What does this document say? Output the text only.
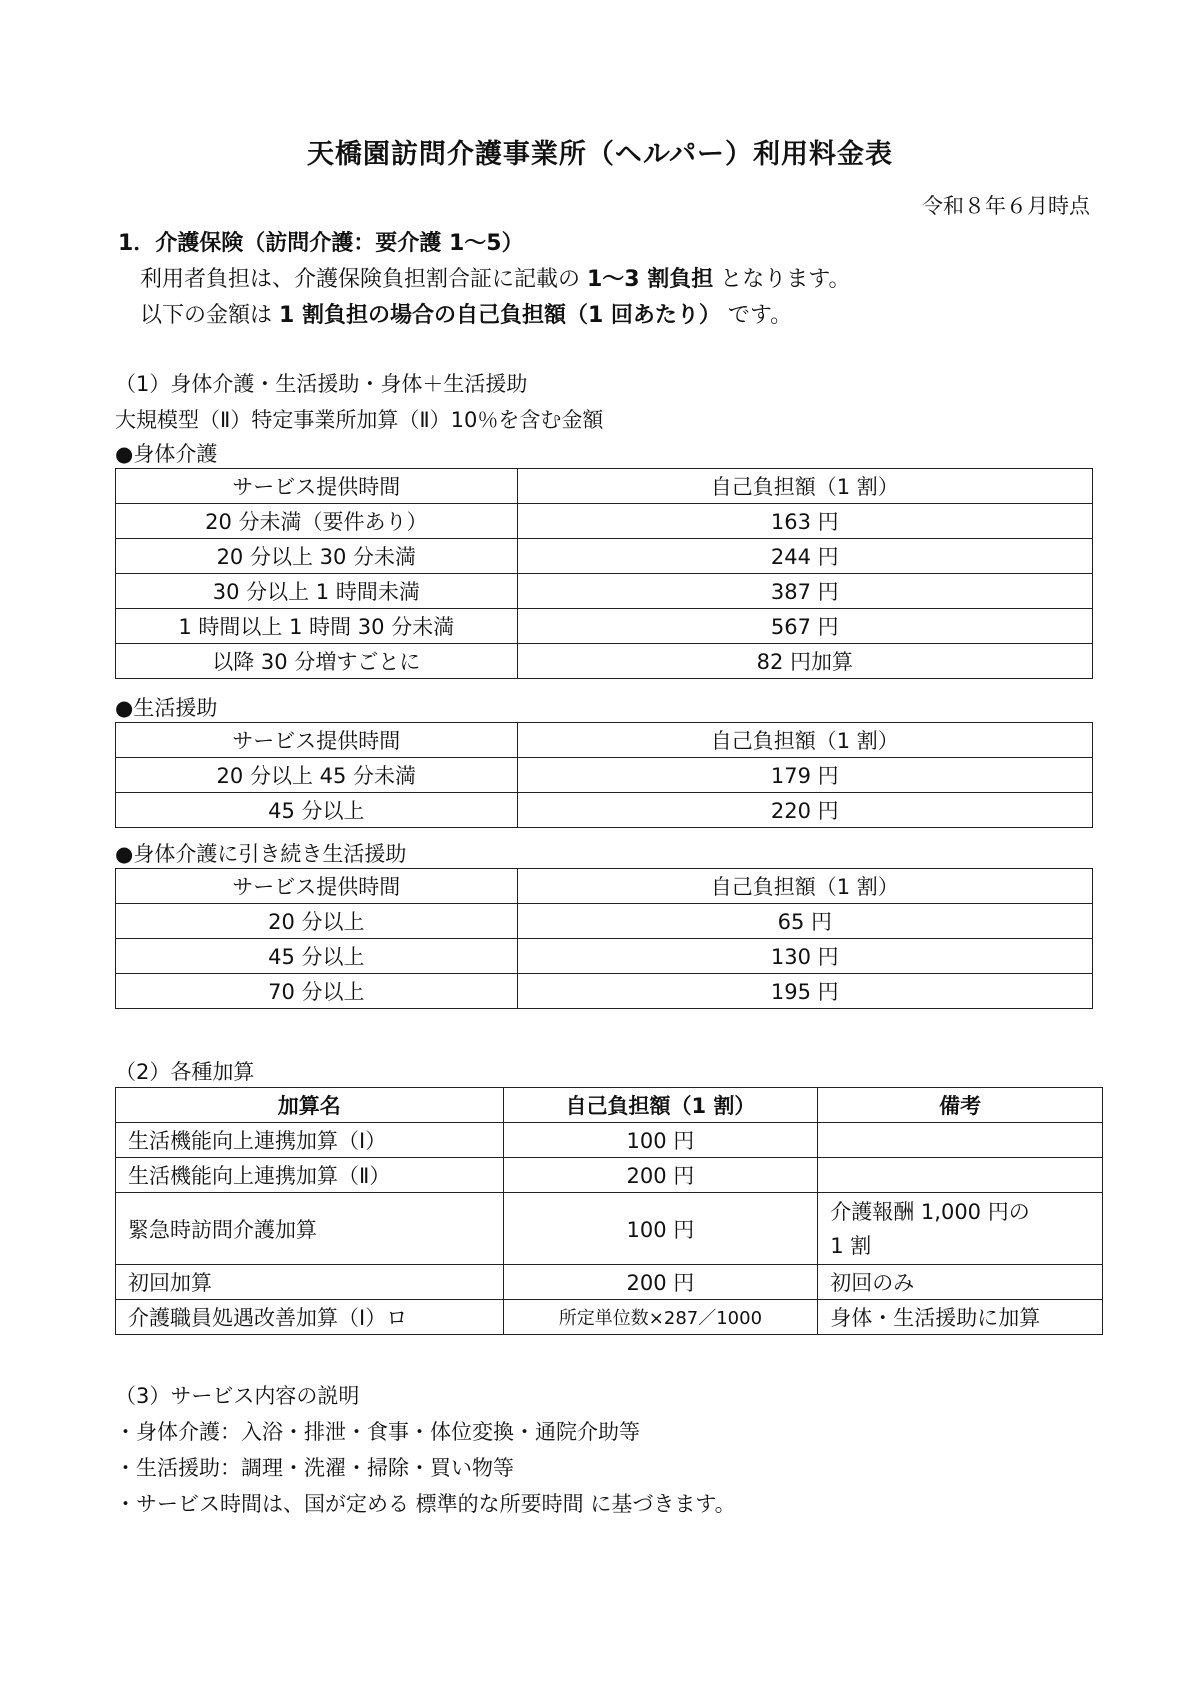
天橋園訪問介護事業所（ヘルパー）利用料金表
令和８年６月時点
1．介護保険（訪問介護：要介護 1～5）
利用者負担は、介護保険負担割合証に記載の 1～3 割負担 となります。
以下の金額は 1 割負担の場合の自己負担額（1 回あたり） です。
（1）身体介護・生活援助・身体＋生活援助
大規模型（Ⅱ）特定事業所加算（Ⅱ）10％を含む金額
●身体介護
サービス提供時間	自己負担額（1 割）
20 分未満（要件あり）	163 円
20 分以上 30 分未満	244 円
30 分以上 1 時間未満	387 円
1 時間以上 1 時間 30 分未満	567 円
以降 30 分増すごとに	82 円加算
●生活援助
サービス提供時間	自己負担額（1 割）
20 分以上 45 分未満	179 円
45 分以上	220 円
●身体介護に引き続き生活援助
サービス提供時間	自己負担額（1 割）
20 分以上	65 円
45 分以上	130 円
70 分以上	195 円
（2）各種加算
加算名	自己負担額（1 割）	備考
生活機能向上連携加算（Ⅰ）	100 円	
生活機能向上連携加算（Ⅱ）	200 円	
緊急時訪問介護加算	100 円	介護報酬 1,000 円の
1 割
初回加算	200 円	初回のみ
介護職員処遇改善加算（Ⅰ）ロ	所定単位数×287／1000	身体・生活援助に加算
（3）サービス内容の説明
・身体介護：入浴・排泄・食事・体位変換・通院介助等
・生活援助：調理・洗濯・掃除・買い物等
・サービス時間は、国が定める 標準的な所要時間 に基づきます。
